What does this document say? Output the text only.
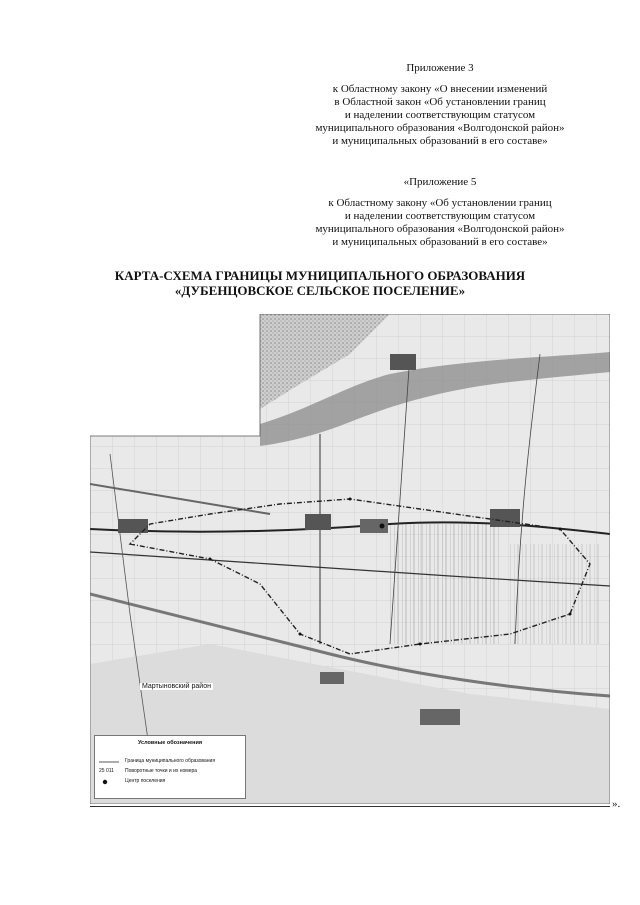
Приложение 3
к Областному закону «О внесении изменений
в Областной закон «Об установлении границ
и наделении соответствующим статусом
муниципального образования «Волгодонской район»
и муниципальных образований в его составе»
«Приложение 5
к Областному закону «Об установлении границ
и наделении соответствующим статусом
муниципального образования «Волгодонской район»
и муниципальных образований в его составе»
КАРТА-СХЕМА ГРАНИЦЫ МУНИЦИПАЛЬНОГО ОБРАЗОВАНИЯ
«ДУБЕНЦОВСКОЕ СЕЛЬСКОЕ ПОСЕЛЕНИЕ»
Мартыновский район
Условные обозначения
Граница муниципального образования
25 011	Поворотные точки и их номера
Центр поселения
».
